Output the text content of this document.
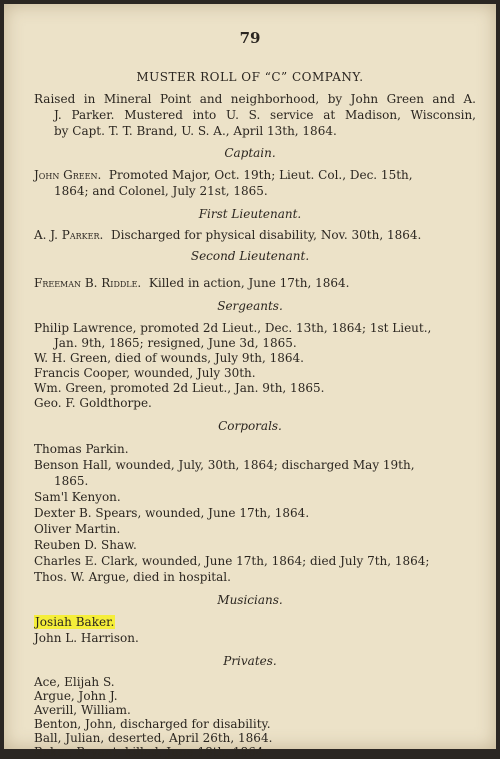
79
MUSTER ROLL OF “C” COMPANY.
Raised in Mineral Point and neighborhood, by John Green and A.
J. Parker. Mustered into U. S. service at Madison, Wisconsin,
by Capt. T. T. Brand, U. S. A., April 13th, 1864.
Captain.
John Green. Promoted Major, Oct. 19th; Lieut. Col., Dec. 15th,
1864; and Colonel, July 21st, 1865.
First Lieutenant.
A. J. Parker. Discharged for physical disability, Nov. 30th, 1864.
Second Lieutenant.
Freeman B. Riddle. Killed in action, June 17th, 1864.
Sergeants.
Philip Lawrence, promoted 2d Lieut., Dec. 13th, 1864; 1st Lieut.,
Jan. 9th, 1865; resigned, June 3d, 1865.
W. H. Green, died of wounds, July 9th, 1864.
Francis Cooper, wounded, July 30th.
Wm. Green, promoted 2d Lieut., Jan. 9th, 1865.
Geo. F. Goldthorpe.
Corporals.
Thomas Parkin.
Benson Hall, wounded, July, 30th, 1864; discharged May 19th,
1865.
Sam'l Kenyon.
Dexter B. Spears, wounded, June 17th, 1864.
Oliver Martin.
Reuben D. Shaw.
Charles E. Clark, wounded, June 17th, 1864; died July 7th, 1864;
Thos. W. Argue, died in hospital.
Musicians.
Josiah Baker.
John L. Harrison.
Privates.
Ace, Elijah S.
Argue, John J.
Averill, William.
Benton, John, discharged for disability.
Ball, Julian, deserted, April 26th, 1864.
Baker, Bryant, killed, June 18th, 1864.
